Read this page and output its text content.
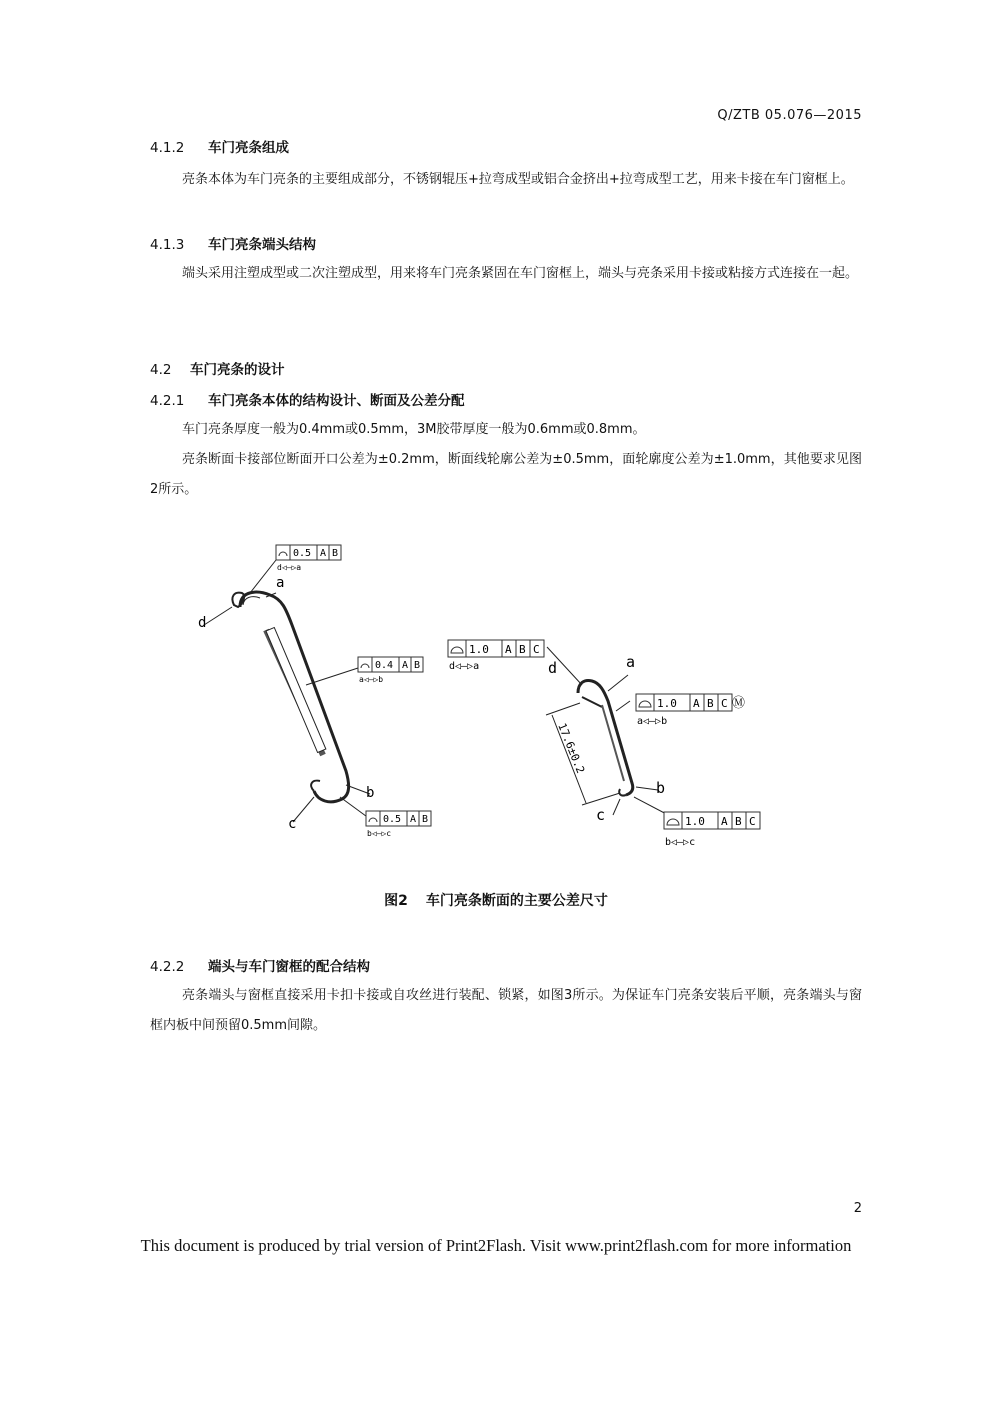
Q/ZTB 05.076—2015
4.1.2 车门亮条组成

亮条本体为车门亮条的主要组成部分，不锈钢辊压+拉弯成型或铝合金挤出+拉弯成型工艺，用来卡接在车门窗框上。

4.1.3 车门亮条端头结构

端头采用注塑成型或二次注塑成型，用来将车门亮条紧固在车门窗框上，端头与亮条采用卡接或粘接方式连接在一起。

4.2 车门亮条的设计
4.2.1 车门亮条本体的结构设计、断面及公差分配

车门亮条厚度一般为0.4mm或0.5mm，3M胶带厚度一般为0.6mm或0.8mm。

亮条断面卡接部位断面开口公差为±0.2mm，断面线轮廓公差为±0.5mm，面轮廓度公差为±1.0mm，其他要求见图2所示。

0.5 A B
d◁—▷a
0.4 A B
a◁—▷b
0.5 A B
b◁—▷c
a
b
c
d
1.0 A B C
d◁—▷a
1.0 A B C Ⓜ
a◁—▷b
1.0 A B C
b◁—▷c
17.6±0.2
a
b
c
d
图2 车门亮条断面的主要公差尺寸
4.2.2 端头与车门窗框的配合结构

亮条端头与窗框直接采用卡扣卡接或自攻丝进行装配、锁紧，如图3所示。为保证车门亮条安装后平顺，亮条端头与窗框内板中间预留0.5mm间隙。

2
This document is produced by trial version of Print2Flash. Visit www.print2flash.com for more information
